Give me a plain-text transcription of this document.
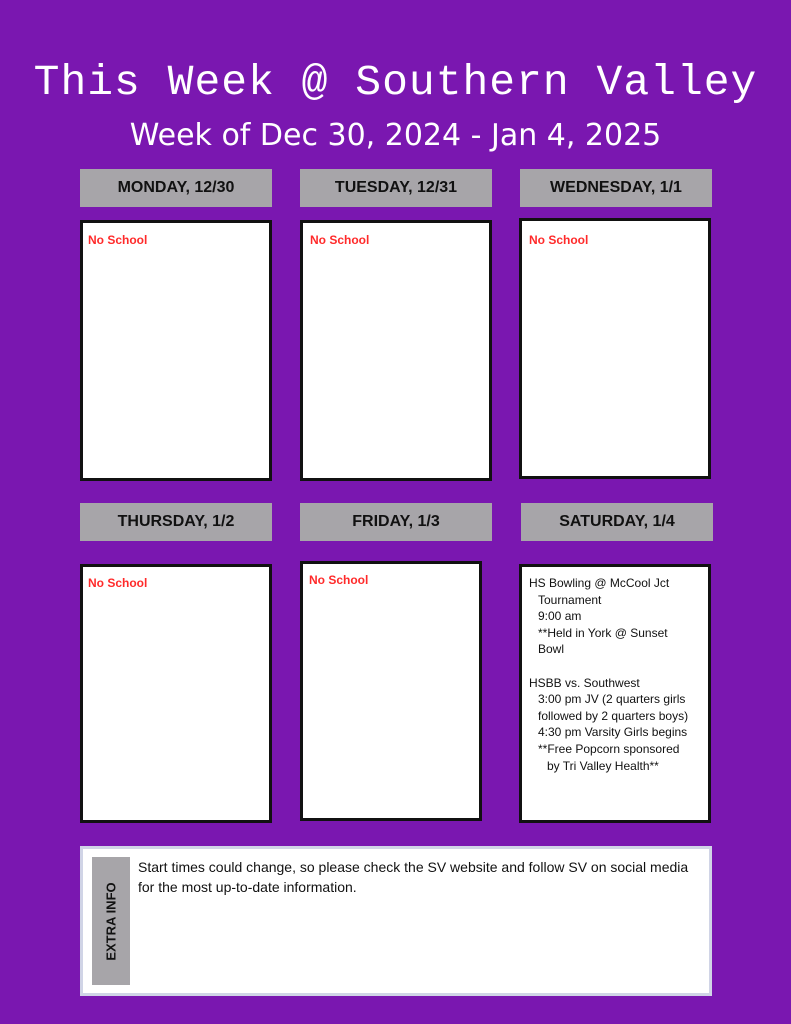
This Week @ Southern Valley
Week of Dec 30, 2024 - Jan 4, 2025
MONDAY, 12/30
No School
TUESDAY, 12/31
No School
WEDNESDAY, 1/1
No School
THURSDAY, 1/2
No School
FRIDAY, 1/3
No School
SATURDAY, 1/4
HS Bowling @ McCool Jct
Tournament
9:00 am
**Held in York @ Sunset
Bowl
HSBB vs. Southwest
3:00 pm JV (2 quarters girls
followed by 2 quarters boys)
4:30 pm Varsity Girls begins
**Free Popcorn sponsored
by Tri Valley Health**
EXTRA INFO
Start times could change, so please check the SV website and follow SV on social media for the most up-to-date information.
